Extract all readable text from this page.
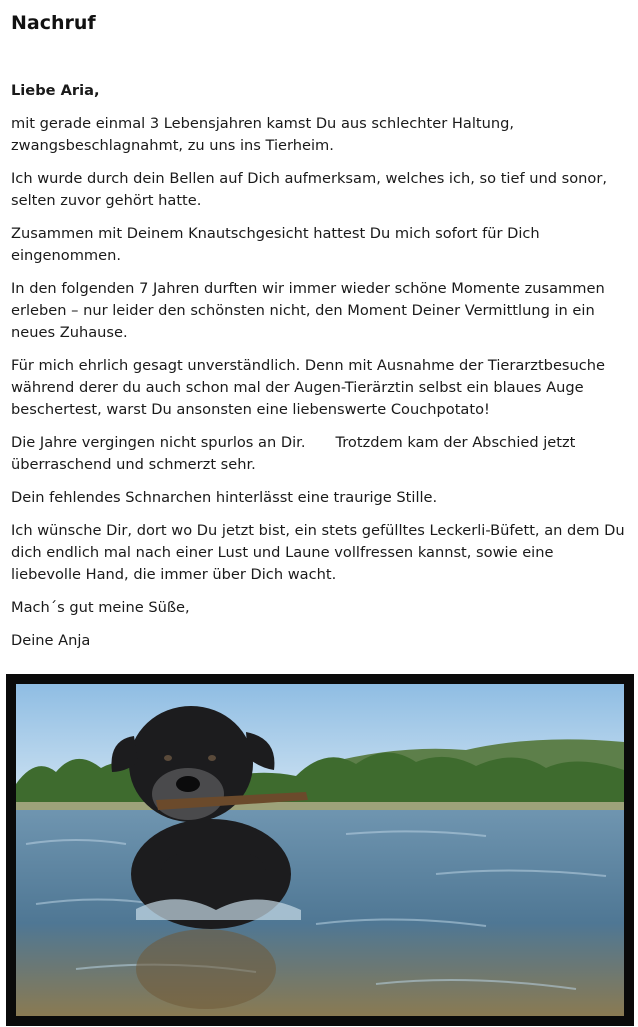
Nachruf

Liebe Aria,

mit gerade einmal 3 Lebensjahren kamst Du aus schlechter Haltung, zwangsbeschlagnahmt, zu uns ins Tierheim.

Ich wurde durch dein Bellen auf Dich aufmerksam, welches ich, so tief und sonor, selten zuvor gehört hatte.

Zusammen mit Deinem Knautschgesicht hattest Du mich sofort für Dich eingenommen.

In den folgenden 7 Jahren durften wir immer wieder schöne Momente zusammen erleben – nur leider den schönsten nicht, den Moment Deiner Vermittlung in ein neues Zuhause.

Für mich ehrlich gesagt unverständlich. Denn mit Ausnahme der Tierarztbesuche während derer du auch schon mal der Augen-Tierärztin selbst ein blaues Auge beschertest, warst Du ansonsten eine liebenswerte Couchpotato!

Die Jahre vergingen nicht spurlos an Dir. Trotzdem kam der Abschied jetzt überraschend und schmerzt sehr.

Dein fehlendes Schnarchen hinterlässt eine traurige Stille.

Ich wünsche Dir, dort wo Du jetzt bist, ein stets gefülltes Leckerli-Büfett, an dem Du dich endlich mal nach einer Lust und Laune vollfressen kannst, sowie eine liebevolle Hand, die immer über Dich wacht.

Mach´s gut meine Süße,

Deine Anja
